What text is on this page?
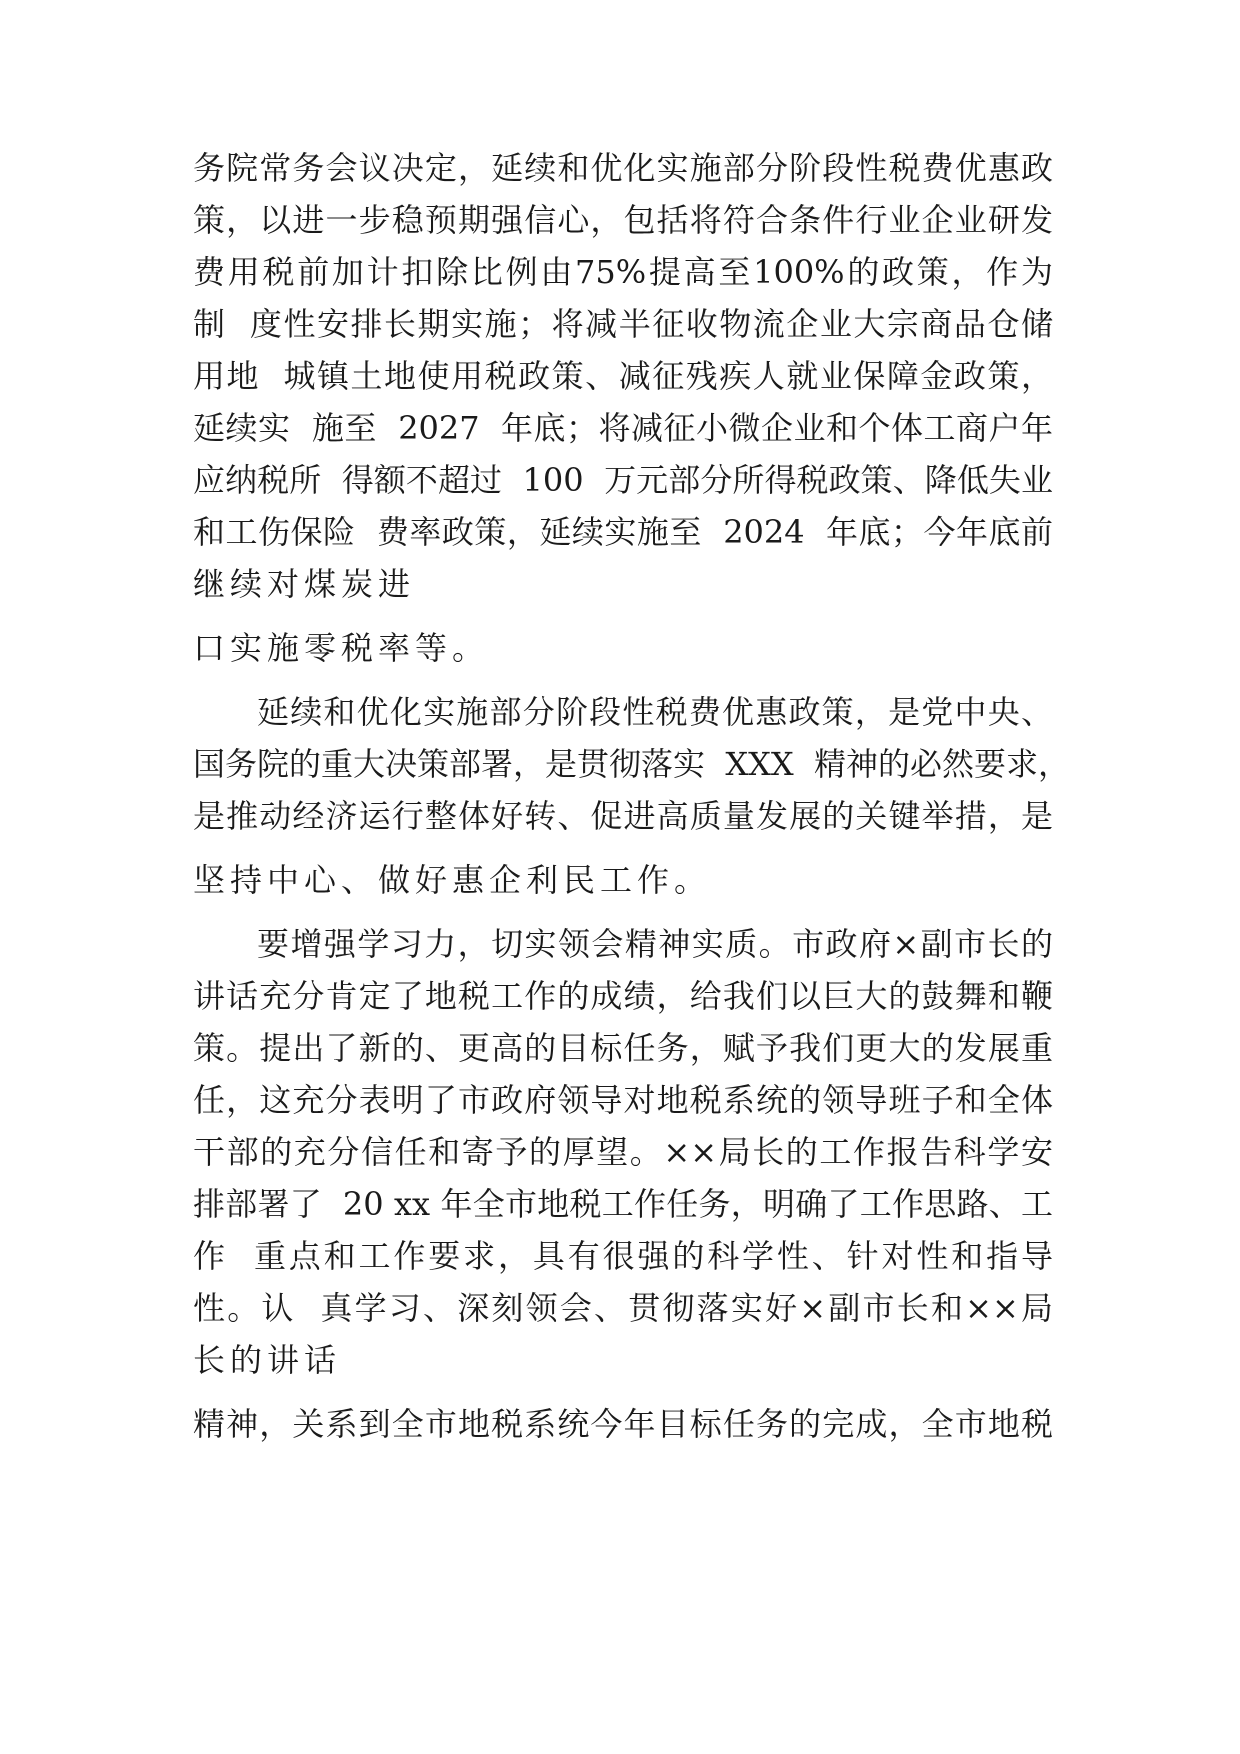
务院常务会议决定，延续和优化实施部分阶段性税费优惠政
策，以进一步稳预期强信心，包括将符合条件行业企业研发
费用税前加计扣除比例由75%提高至100%的政策，作为
制  度性安排长期实施；将减半征收物流企业大宗商品仓储
用地  城镇土地使用税政策、减征残疾人就业保障金政策，
延续实  施至  2027  年底；将减征小微企业和个体工商户年
应纳税所  得额不超过  100  万元部分所得税政策、降低失业
和工伤保险  费率政策，延续实施至  2024  年底；今年底前
继续对煤炭进
口实施零税率等。
延续和优化实施部分阶段性税费优惠政策，是党中央、
国务院的重大决策部署，是贯彻落实  XXX  精神的必然要求，
是推动经济运行整体好转、促进高质量发展的关键举措，是
坚持中心、做好惠企利民工作。
要增强学习力，切实领会精神实质。市政府×副市长的
讲话充分肯定了地税工作的成绩，给我们以巨大的鼓舞和鞭
策。提出了新的、更高的目标任务，赋予我们更大的发展重
任，这充分表明了市政府领导对地税系统的领导班子和全体
干部的充分信任和寄予的厚望。××局长的工作报告科学安
排部署了  20 xx 年全市地税工作任务，明确了工作思路、工
作  重点和工作要求，具有很强的科学性、针对性和指导
性。认  真学习、深刻领会、贯彻落实好×副市长和××局
长的讲话
精神，关系到全市地税系统今年目标任务的完成，全市地税
